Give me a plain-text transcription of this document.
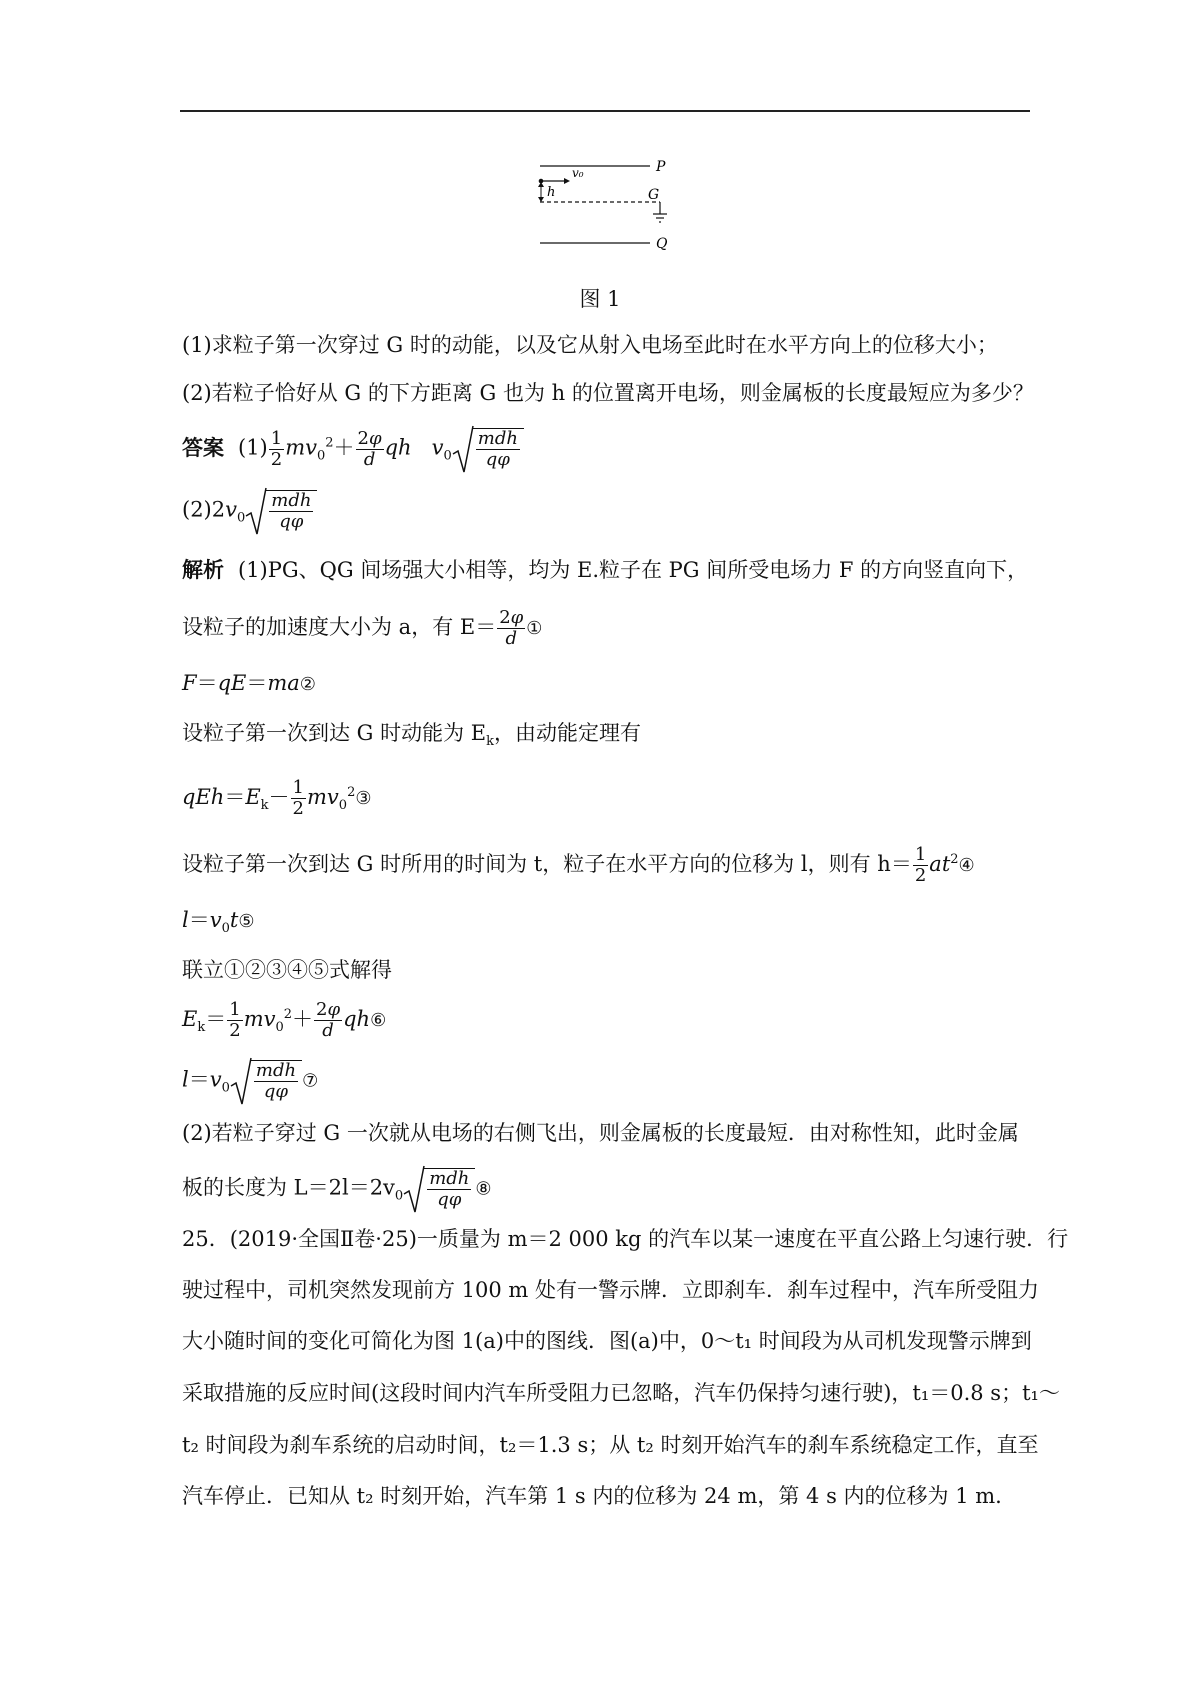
h
v₀	P
G
Q
图 1
(1)求粒子第一次穿过 G 时的动能，以及它从射入电场至此时在水平方向上的位移大小；
(2)若粒子恰好从 G 的下方距离 G 也为 h 的位置离开电场，则金属板的长度最短应为多少？
答案 $(1) \frac{1}{2} mv_0^2+ \frac{2\varphi}{d}$ qh $v_0 \frac{\text{mdh}}{q\varphi}$
$(2)2v_0 \frac{\text{mdh}}{q\varphi}$
解析 (1)PG、QG 间场强大小相等，均为 E.粒子在 PG 间所受电场力 F 的方向竖直向下，
设粒子的加速度大小为 a，有 $E= \frac{2\varphi}{d}$ ①
F＝qE＝ma②
设粒子第一次到达 G 时动能为 $E_k$，由动能定理有
$qEh=E_k- \frac{1}{2}$ $mv_0^2③$
设粒子第一次到达 G 时所用的时间为 t，粒子在水平方向的位移为 l，则有 $h= \frac{1}{2}$ $at^2④$
$l=v_0t⑤$
联立①②③④⑤式解得
$E_k= \frac{1}{2} mv_0^2+ \frac{2\varphi}{d}$ qh⑥
$l=v_0 \frac{\text{mdh}}{q\varphi}$ ⑦
(2)若粒子穿过 G 一次就从电场的右侧飞出，则金属板的长度最短．由对称性知，此时金属
板的长度为 $L=2l=2v_0 \frac{\text{mdh}}{q\varphi}$ ⑧
25．(2019·全国Ⅱ卷·25)一质量为 m＝2 000 kg 的汽车以某一速度在平直公路上匀速行驶．行
驶过程中，司机突然发现前方 100 m 处有一警示牌．立即刹车．刹车过程中，汽车所受阻力
大小随时间的变化可简化为图 1(a)中的图线．图(a)中，0～t₁ 时间段为从司机发现警示牌到
采取措施的反应时间(这段时间内汽车所受阻力已忽略，汽车仍保持匀速行驶)，t₁＝0.8 s；t₁～
t₂ 时间段为刹车系统的启动时间，t₂＝1.3 s；从 t₂ 时刻开始汽车的刹车系统稳定工作，直至
汽车停止．已知从 t₂ 时刻开始，汽车第 1 s 内的位移为 24 m，第 4 s 内的位移为 1 m.
